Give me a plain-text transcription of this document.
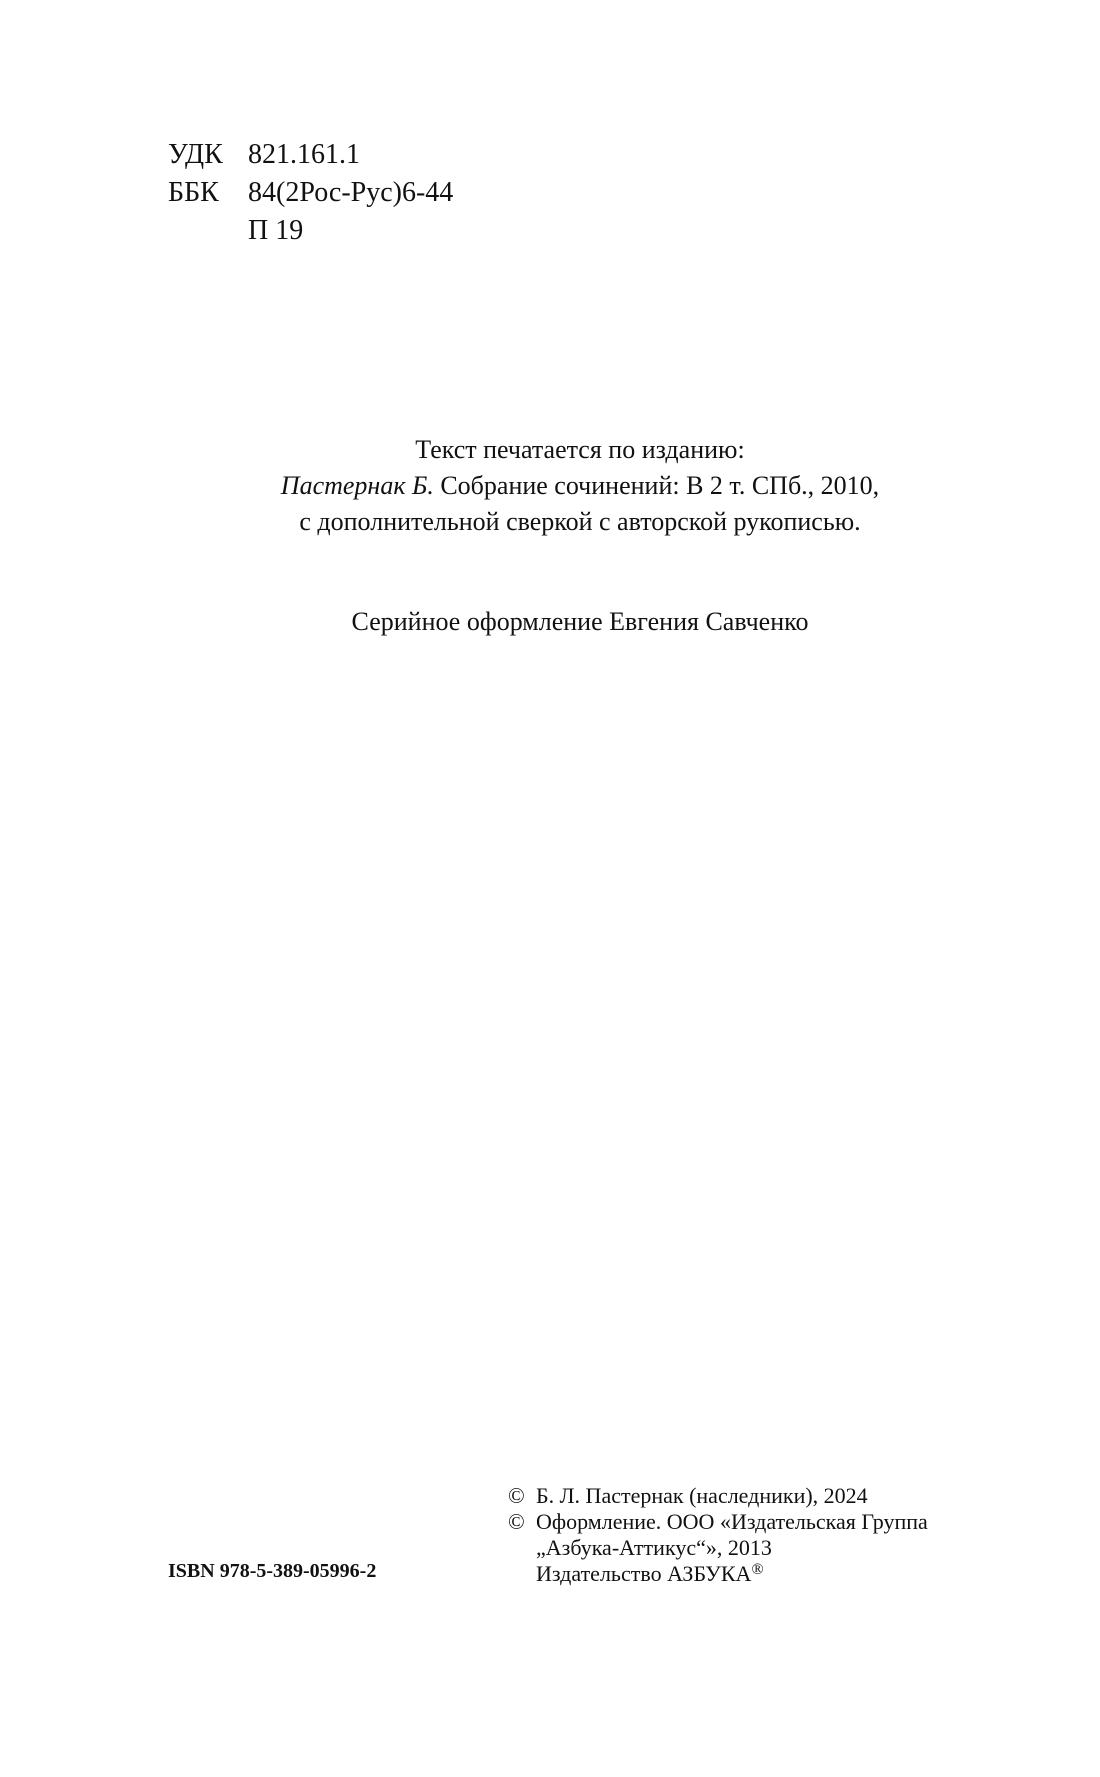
УДК 821.161.1
ББК	84(2Рос-Рус)6-44
П 19
Текст печатается по изданию:
Пастернак Б. Собрание сочинений: В 2 т. СПб., 2010,
с дополнительной сверкой с авторской рукописью.
Серийное оформление Евгения Савченко
© Б. Л. Пастернак (наследники), 2024
© Оформление. ООО «Издательская Группа
„Азбука-Аттикус“», 2013
Издательство АЗБУКА®
ISBN 978-5-389-05996-2
